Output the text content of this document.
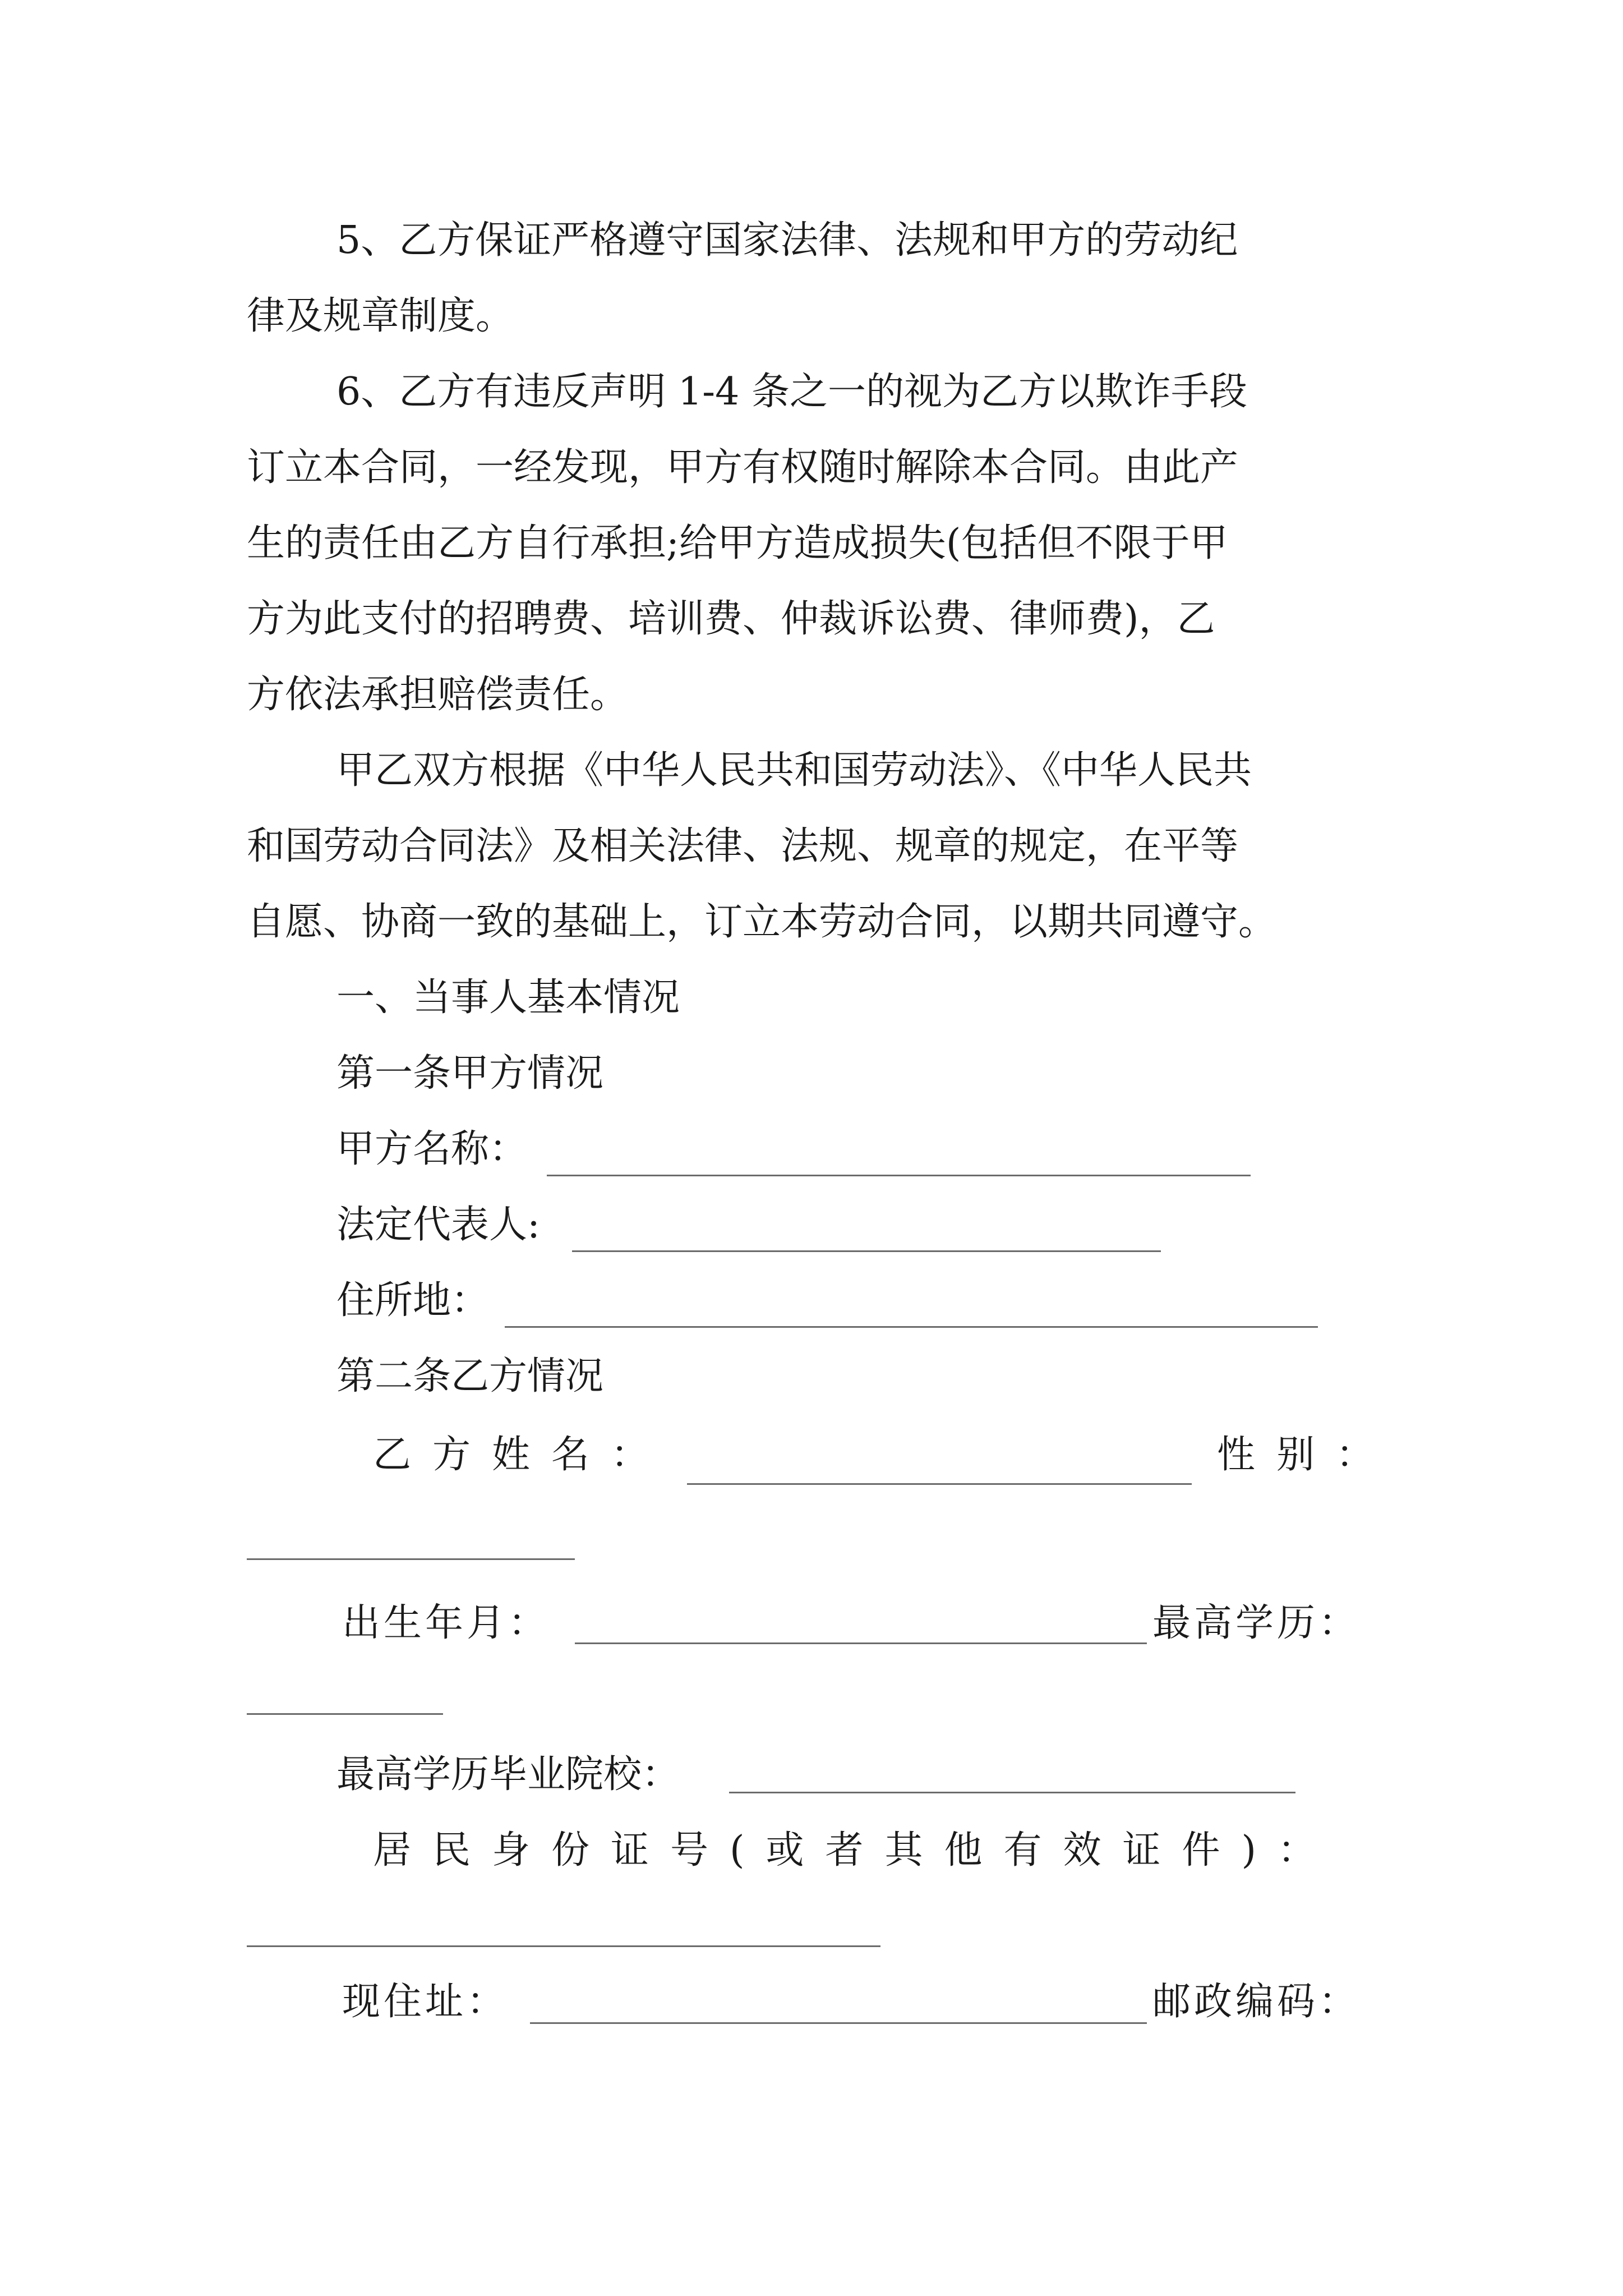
5、乙方保证严格遵守国家法律、法规和甲方的劳动纪
律及规章制度。
6、乙方有违反声明 1-4 条之一的视为乙方以欺诈手段
订立本合同，一经发现，甲方有权随时解除本合同。由此产
生的责任由乙方自行承担;给甲方造成损失(包括但不限于甲
方为此支付的招聘费、培训费、仲裁诉讼费、律师费)，乙
方依法承担赔偿责任。
甲乙双方根据《中华人民共和国劳动法》、《中华人民共
和国劳动合同法》及相关法律、法规、规章的规定，在平等
自愿、协商一致的基础上，订立本劳动合同，以期共同遵守。
一、当事人基本情况
第一条甲方情况
甲方名称：
法定代表人:
住所地：
第二条乙方情况
乙方姓名：	性别：
出生年月：	最高学历：
最高学历毕业院校：
居民身份证号(或者其他有效证件)：
现住址：	邮政编码：
